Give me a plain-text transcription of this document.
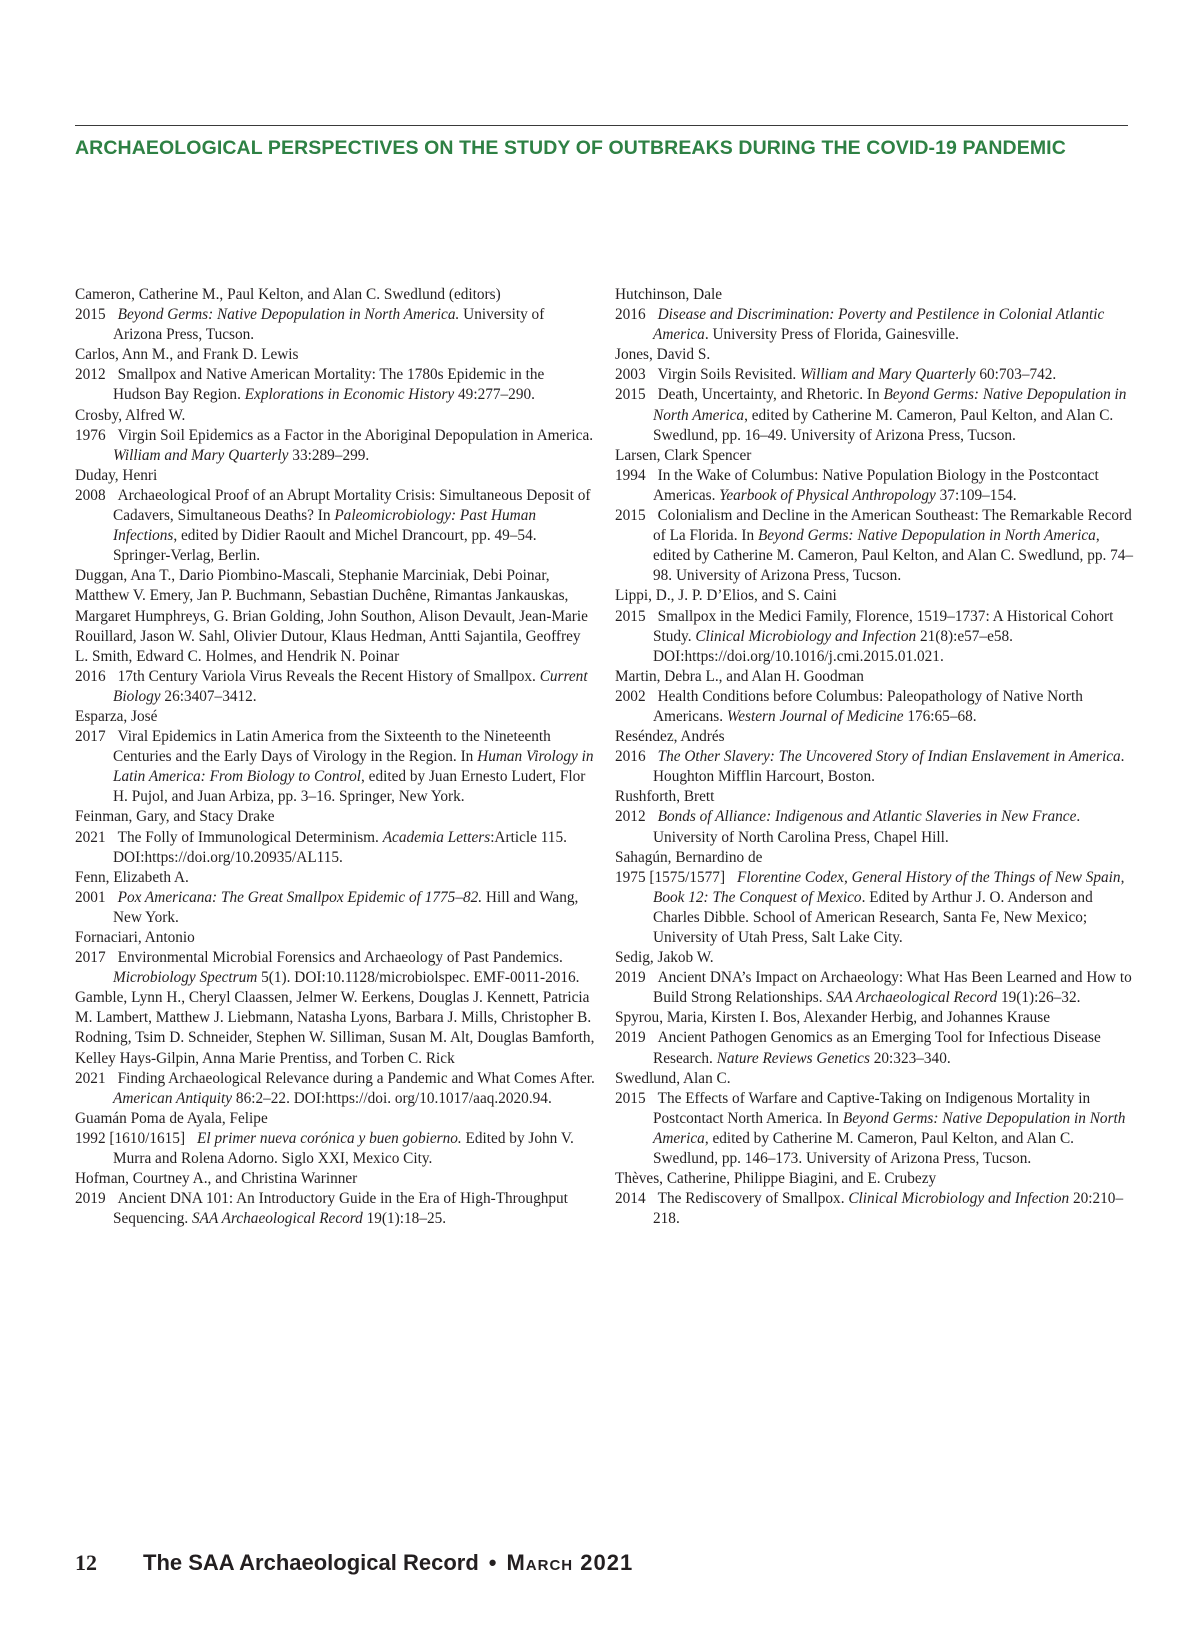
ARCHAEOLOGICAL PERSPECTIVES ON THE STUDY OF OUTBREAKS DURING THE COVID-19 PANDEMIC
Cameron, Catherine M., Paul Kelton, and Alan C. Swedlund (editors)
2015 Beyond Germs: Native Depopulation in North America. University of Arizona Press, Tucson.
Carlos, Ann M., and Frank D. Lewis
2012 Smallpox and Native American Mortality: The 1780s Epidemic in the Hudson Bay Region. Explorations in Economic History 49:277–290.
Crosby, Alfred W.
1976 Virgin Soil Epidemics as a Factor in the Aboriginal Depopulation in America. William and Mary Quarterly 33:289–299.
Duday, Henri
2008 Archaeological Proof of an Abrupt Mortality Crisis: Simultaneous Deposit of Cadavers, Simultaneous Deaths? In Paleomicrobiology: Past Human Infections, edited by Didier Raoult and Michel Drancourt, pp. 49–54. Springer-Verlag, Berlin.
Duggan, Ana T., Dario Piombino-Mascali, Stephanie Marciniak, Debi Poinar, Matthew V. Emery, Jan P. Buchmann, Sebastian Duchêne, Rimantas Jankauskas, Margaret Humphreys, G. Brian Golding, John Southon, Alison Devault, Jean-Marie Rouillard, Jason W. Sahl, Olivier Dutour, Klaus Hedman, Antti Sajantila, Geoffrey L. Smith, Edward C. Holmes, and Hendrik N. Poinar
2016 17th Century Variola Virus Reveals the Recent History of Smallpox. Current Biology 26:3407–3412.
Esparza, José
2017 Viral Epidemics in Latin America from the Sixteenth to the Nineteenth Centuries and the Early Days of Virology in the Region. In Human Virology in Latin America: From Biology to Control, edited by Juan Ernesto Ludert, Flor H. Pujol, and Juan Arbiza, pp. 3–16. Springer, New York.
Feinman, Gary, and Stacy Drake
2021 The Folly of Immunological Determinism. Academia Letters:Article 115. DOI:https://doi.org/10.20935/AL115.
Fenn, Elizabeth A.
2001 Pox Americana: The Great Smallpox Epidemic of 1775–82. Hill and Wang, New York.
Fornaciari, Antonio
2017 Environmental Microbial Forensics and Archaeology of Past Pandemics. Microbiology Spectrum 5(1). DOI:10.1128/microbiolspec. EMF-0011-2016.
Gamble, Lynn H., Cheryl Claassen, Jelmer W. Eerkens, Douglas J. Kennett, Patricia M. Lambert, Matthew J. Liebmann, Natasha Lyons, Barbara J. Mills, Christopher B. Rodning, Tsim D. Schneider, Stephen W. Silliman, Susan M. Alt, Douglas Bamforth, Kelley Hays-Gilpin, Anna Marie Prentiss, and Torben C. Rick
2021 Finding Archaeological Relevance during a Pandemic and What Comes After. American Antiquity 86:2–22. DOI:https://doi. org/10.1017/aaq.2020.94.
Guamán Poma de Ayala, Felipe
1992 [1610/1615] El primer nueva corónica y buen gobierno. Edited by John V. Murra and Rolena Adorno. Siglo XXI, Mexico City.
Hofman, Courtney A., and Christina Warinner
2019 Ancient DNA 101: An Introductory Guide in the Era of High-Throughput Sequencing. SAA Archaeological Record 19(1):18–25.
Hutchinson, Dale
2016 Disease and Discrimination: Poverty and Pestilence in Colonial Atlantic America. University Press of Florida, Gainesville.
Jones, David S.
2003 Virgin Soils Revisited. William and Mary Quarterly 60:703–742.
2015 Death, Uncertainty, and Rhetoric. In Beyond Germs: Native Depopulation in North America, edited by Catherine M. Cameron, Paul Kelton, and Alan C. Swedlund, pp. 16–49. University of Arizona Press, Tucson.
Larsen, Clark Spencer
1994 In the Wake of Columbus: Native Population Biology in the Postcontact Americas. Yearbook of Physical Anthropology 37:109–154.
2015 Colonialism and Decline in the American Southeast: The Remarkable Record of La Florida. In Beyond Germs: Native Depopulation in North America, edited by Catherine M. Cameron, Paul Kelton, and Alan C. Swedlund, pp. 74–98. University of Arizona Press, Tucson.
Lippi, D., J. P. D’Elios, and S. Caini
2015 Smallpox in the Medici Family, Florence, 1519–1737: A Historical Cohort Study. Clinical Microbiology and Infection 21(8):e57–e58. DOI:https://doi.org/10.1016/j.cmi.2015.01.021.
Martin, Debra L., and Alan H. Goodman
2002 Health Conditions before Columbus: Paleopathology of Native North Americans. Western Journal of Medicine 176:65–68.
Reséndez, Andrés
2016 The Other Slavery: The Uncovered Story of Indian Enslavement in America. Houghton Mifflin Harcourt, Boston.
Rushforth, Brett
2012 Bonds of Alliance: Indigenous and Atlantic Slaveries in New France. University of North Carolina Press, Chapel Hill.
Sahagún, Bernardino de
1975 [1575/1577] Florentine Codex, General History of the Things of New Spain, Book 12: The Conquest of Mexico. Edited by Arthur J. O. Anderson and Charles Dibble. School of American Research, Santa Fe, New Mexico; University of Utah Press, Salt Lake City.
Sedig, Jakob W.
2019 Ancient DNA’s Impact on Archaeology: What Has Been Learned and How to Build Strong Relationships. SAA Archaeological Record 19(1):26–32.
Spyrou, Maria, Kirsten I. Bos, Alexander Herbig, and Johannes Krause
2019 Ancient Pathogen Genomics as an Emerging Tool for Infectious Disease Research. Nature Reviews Genetics 20:323–340.
Swedlund, Alan C.
2015 The Effects of Warfare and Captive-Taking on Indigenous Mortality in Postcontact North America. In Beyond Germs: Native Depopulation in North America, edited by Catherine M. Cameron, Paul Kelton, and Alan C. Swedlund, pp. 146–173. University of Arizona Press, Tucson.
Thèves, Catherine, Philippe Biagini, and E. Crubezy
2014 The Rediscovery of Smallpox. Clinical Microbiology and Infection 20:210–218.
12 The SAA Archaeological Record • March 2021
